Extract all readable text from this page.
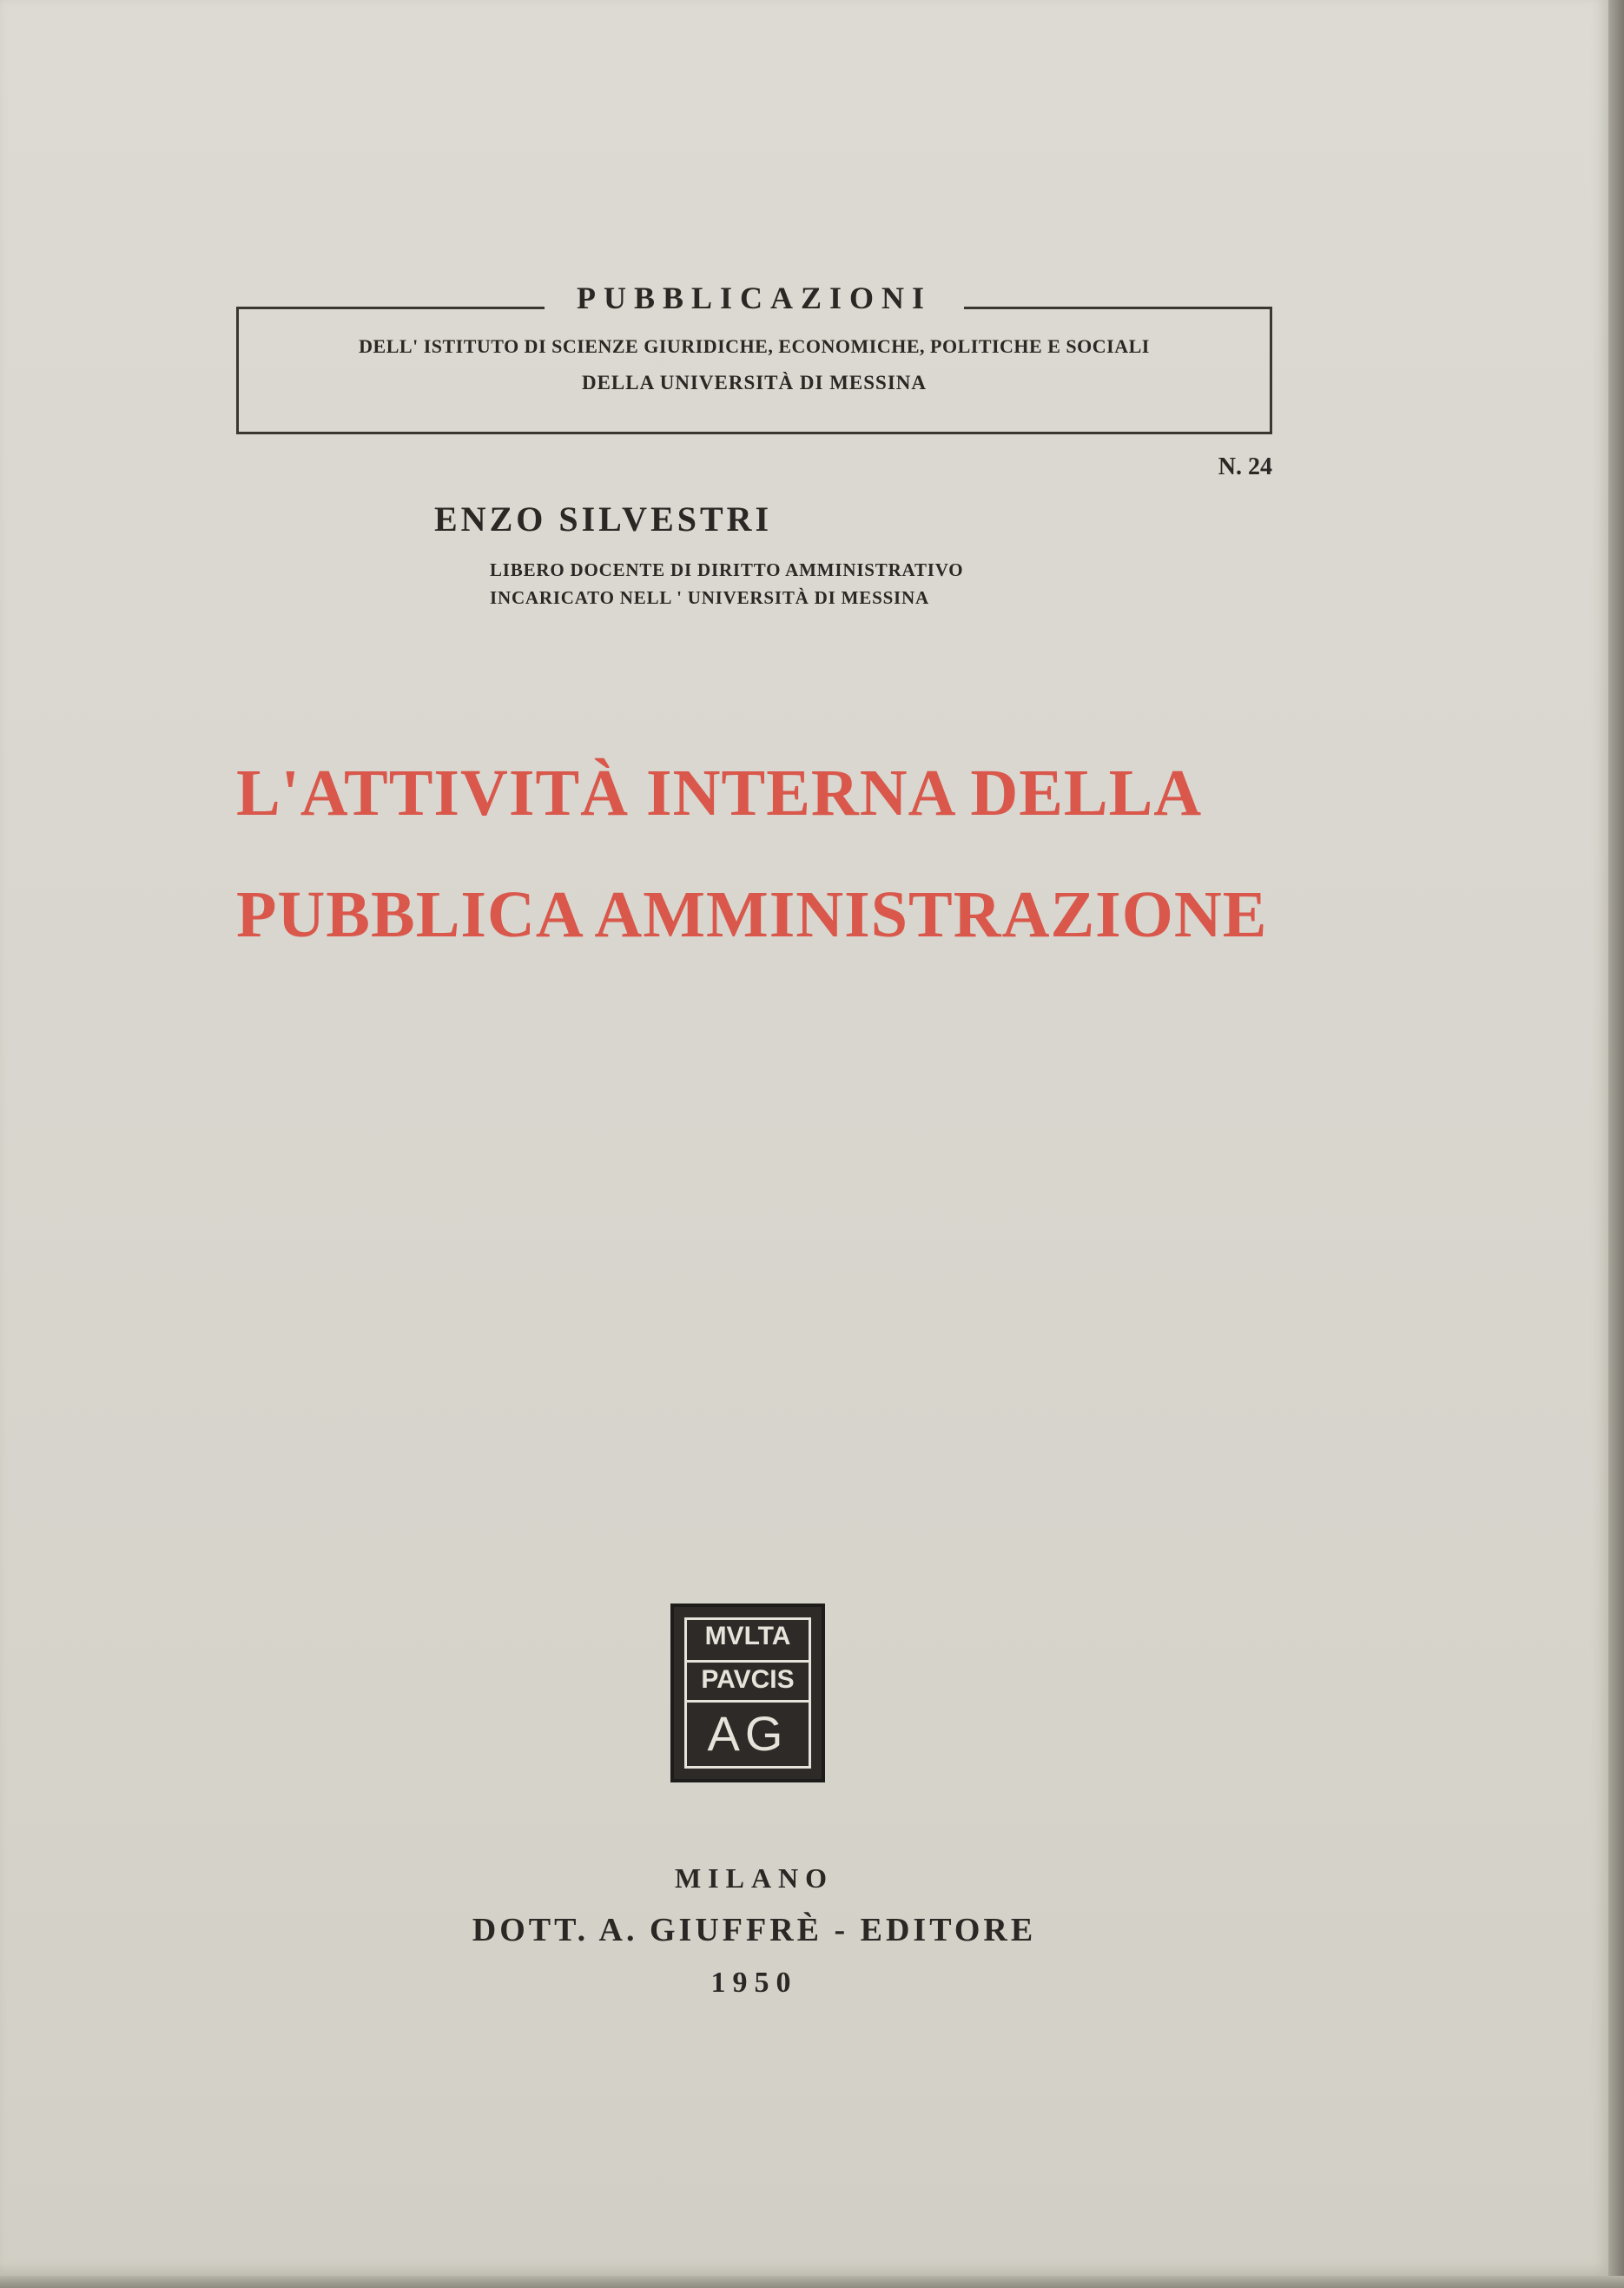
PUBBLICAZIONI
DELL' ISTITUTO DI SCIENZE GIURIDICHE, ECONOMICHE, POLITICHE E SOCIALI
DELLA UNIVERSITÀ DI MESSINA
N. 24
ENZO SILVESTRI
LIBERO DOCENTE DI DIRITTO AMMINISTRATIVO
INCARICATO NELL ' UNIVERSITÀ DI MESSINA
L'ATTIVITÀ INTERNA DELLA
PUBBLICA AMMINISTRAZIONE
MVLTA
PAVCIS
AG
MILANO
DOTT. A. GIUFFRÈ - EDITORE
1950
